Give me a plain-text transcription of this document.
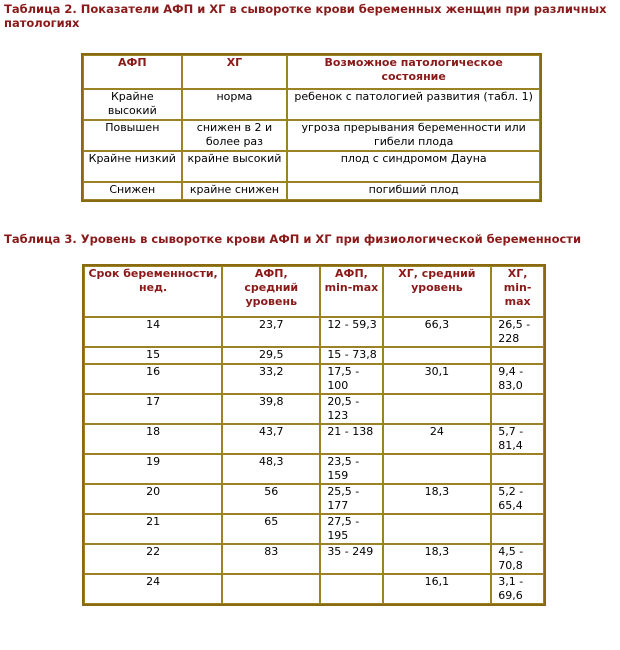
Таблица 2. Показатели АФП и ХГ в сыворотке крови беременных женщин при различных патологиях
АФП	ХГ	Возможное патологическое состояние
Крайне высокий	норма	ребенок с патологией развития (табл. 1)
Повышен	снижен в 2 и более раз	угроза прерывания беременности или гибели плода
Крайне низкий	крайне высокий	плод с синдромом Дауна
Снижен	крайне снижен	погибший плод
Таблица 3. Уровень в сыворотке крови АФП и ХГ при физиологической беременности
Срок беременности, нед.	АФП, средний уровень	АФП, min-max	ХГ, средний уровень	ХГ, min-max
14	23,7	12 - 59,3	66,3	26,5 - 228
15	29,5	15 - 73,8		
16	33,2	17,5 - 100	30,1	9,4 - 83,0
17	39,8	20,5 - 123		
18	43,7	21 - 138	24	5,7 - 81,4
19	48,3	23,5 - 159		
20	56	25,5 - 177	18,3	5,2 - 65,4
21	65	27,5 - 195		
22	83	35 - 249	18,3	4,5 - 70,8
24			16,1	3,1 - 69,6
